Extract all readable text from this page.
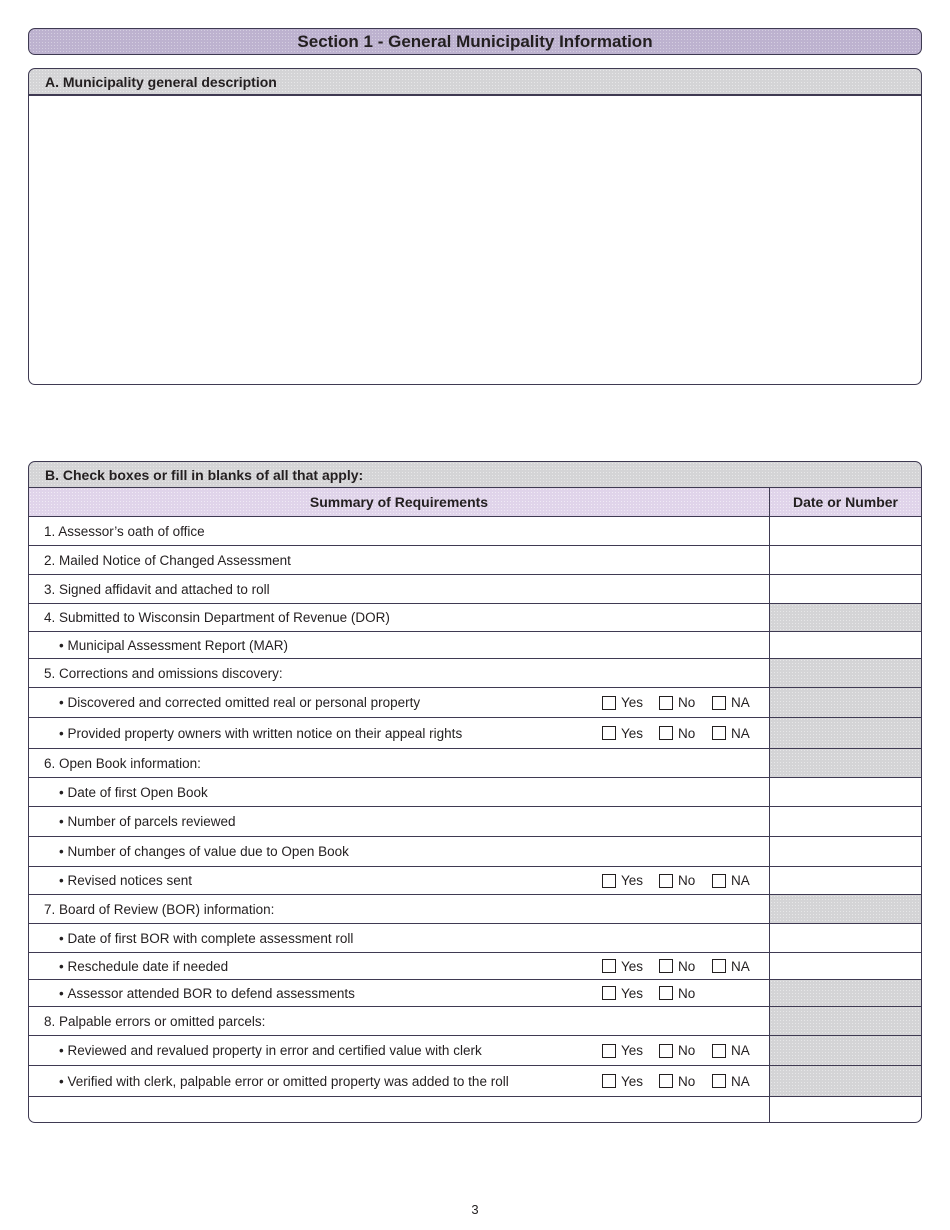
Section 1 - General Municipality Information
A. Municipality general description
B. Check boxes or fill in blanks of all that apply:
Summary of Requirements	Date or Number
1. Assessor’s oath of office
2. Mailed Notice of Changed Assessment
3. Signed affidavit and attached to roll
4. Submitted to Wisconsin Department of Revenue (DOR)
• Municipal Assessment Report (MAR)
5. Corrections and omissions discovery:
• Discovered and corrected omitted real or personal property	Yes	No	NA
• Provided property owners with written notice on their appeal rights	Yes	No	NA
6. Open Book information:
• Date of first Open Book
• Number of parcels reviewed
• Number of changes of value due to Open Book
• Revised notices sent	Yes	No	NA
7. Board of Review (BOR) information:
• Date of first BOR with complete assessment roll
• Reschedule date if needed	Yes	No	NA
• Assessor attended BOR to defend assessments	Yes	No
8. Palpable errors or omitted parcels:
• Reviewed and revalued property in error and certified value with clerk	Yes	No	NA
• Verified with clerk, palpable error or omitted property was added to the roll	Yes	No	NA
3
